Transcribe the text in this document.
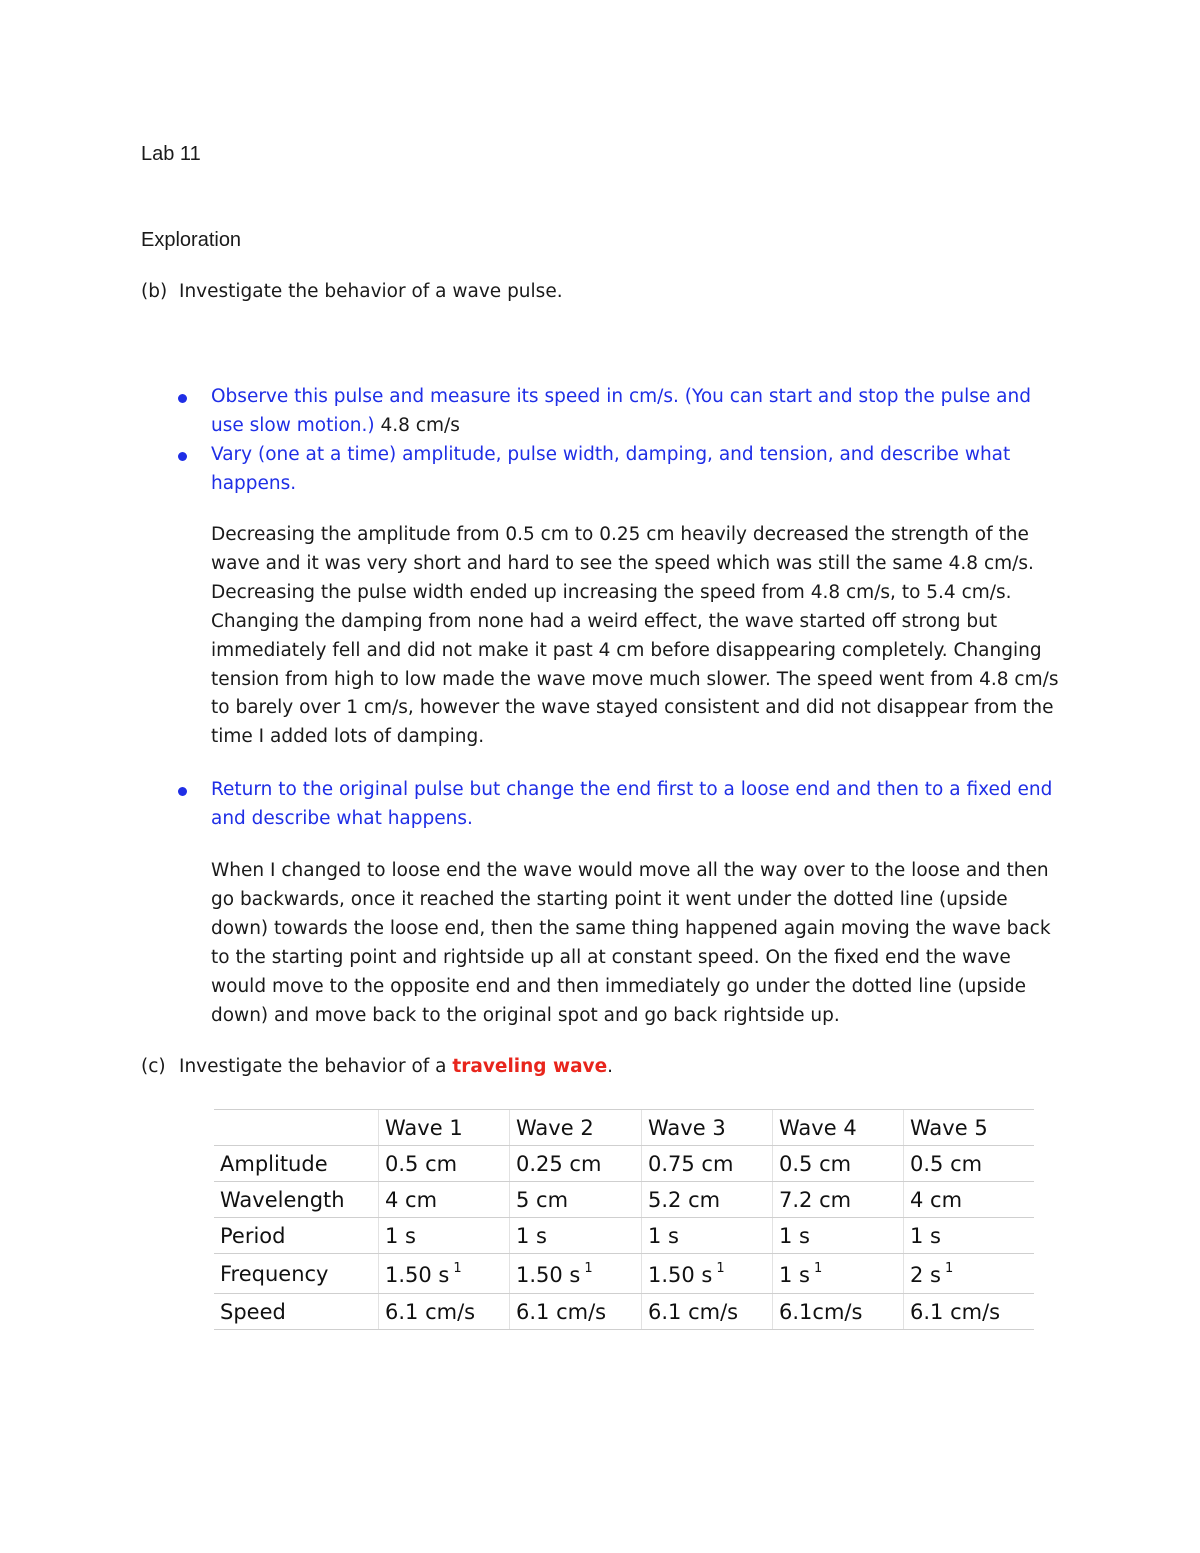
Lab 11
Exploration
(b) Investigate the behavior of a wave pulse.
Observe this pulse and measure its speed in cm/s. (You can start and stop the pulse and use slow motion.) 4.8 cm/s
Vary (one at a time) amplitude, pulse width, damping, and tension, and describe what happens.
Decreasing the amplitude from 0.5 cm to 0.25 cm heavily decreased the strength of the wave and it was very short and hard to see the speed which was still the same 4.8 cm/s. Decreasing the pulse width ended up increasing the speed from 4.8 cm/s, to 5.4 cm/s. Changing the damping from none had a weird effect, the wave started off strong but immediately fell and did not make it past 4 cm before disappearing completely. Changing tension from high to low made the wave move much slower. The speed went from 4.8 cm/s to barely over 1 cm/s, however the wave stayed consistent and did not disappear from the time I added lots of damping.
Return to the original pulse but change the end first to a loose end and then to a fixed end and describe what happens.
When I changed to loose end the wave would move all the way over to the loose and then go backwards, once it reached the starting point it went under the dotted line (upside down) towards the loose end, then the same thing happened again moving the wave back to the starting point and rightside up all at constant speed. On the fixed end the wave would move to the opposite end and then immediately go under the dotted line (upside down) and move back to the original spot and go back rightside up.
(c) Investigate the behavior of a traveling wave.
	Wave 1	Wave 2	Wave 3	Wave 4	Wave 5
Amplitude	0.5 cm	0.25 cm	0.75 cm	0.5 cm	0.5 cm
Wavelength	4 cm	5 cm	5.2 cm	7.2 cm	4 cm
Period	1 s	1 s	1 s	1 s	1 s
Frequency	1.50 s $^1$	1.50 s $^1$	1.50 s $^1$	1 s $^1$	2 s $^1$
Speed	6.1 cm/s	6.1 cm/s	6.1 cm/s	6.1cm/s	6.1 cm/s
